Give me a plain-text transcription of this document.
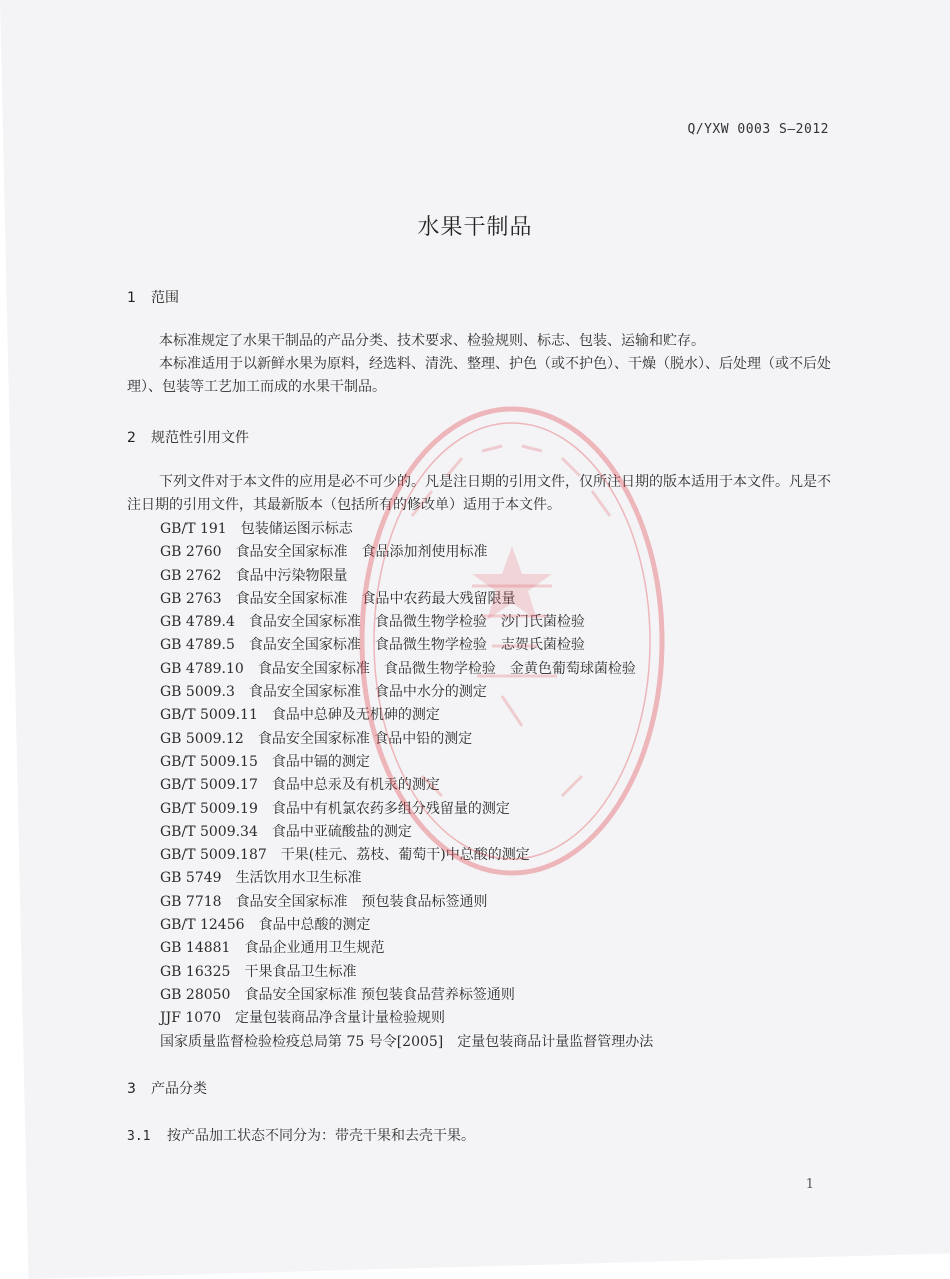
Q/YXW 0003 S—2012
水果干制品
1 范围
本标准规定了水果干制品的产品分类、技术要求、检验规则、标志、包装、运输和贮存。
本标准适用于以新鲜水果为原料，经选料、清洗、整理、护色（或不护色）、干燥（脱水）、后处理（或不后处理）、包装等工艺加工而成的水果干制品。
2 规范性引用文件
下列文件对于本文件的应用是必不可少的。凡是注日期的引用文件，仅所注日期的版本适用于本文件。凡是不注日期的引用文件，其最新版本（包括所有的修改单）适用于本文件。
GB/T 191 包装储运图示标志
GB 2760 食品安全国家标准　食品添加剂使用标准
GB 2762 食品中污染物限量
GB 2763 食品安全国家标准　食品中农药最大残留限量
GB 4789.4 食品安全国家标准　食品微生物学检验　沙门氏菌检验
GB 4789.5 食品安全国家标准　食品微生物学检验　志贺氏菌检验
GB 4789.10 食品安全国家标准　食品微生物学检验　金黄色葡萄球菌检验
GB 5009.3 食品安全国家标准　食品中水分的测定
GB/T 5009.11 食品中总砷及无机砷的测定
GB 5009.12 食品安全国家标准 食品中铅的测定
GB/T 5009.15 食品中镉的测定
GB/T 5009.17 食品中总汞及有机汞的测定
GB/T 5009.19 食品中有机氯农药多组分残留量的测定
GB/T 5009.34 食品中亚硫酸盐的测定
GB/T 5009.187 干果(桂元、荔枝、葡萄干)中总酸的测定
GB 5749 生活饮用水卫生标准
GB 7718 食品安全国家标准　预包装食品标签通则
GB/T 12456 食品中总酸的测定
GB 14881 食品企业通用卫生规范
GB 16325 干果食品卫生标准
GB 28050 食品安全国家标准 预包装食品营养标签通则
JJF 1070 定量包装商品净含量计量检验规则
国家质量监督检验检疫总局第 75 号令[2005] 定量包装商品计量监督管理办法
3 产品分类
3.1 按产品加工状态不同分为：带壳干果和去壳干果。
1
